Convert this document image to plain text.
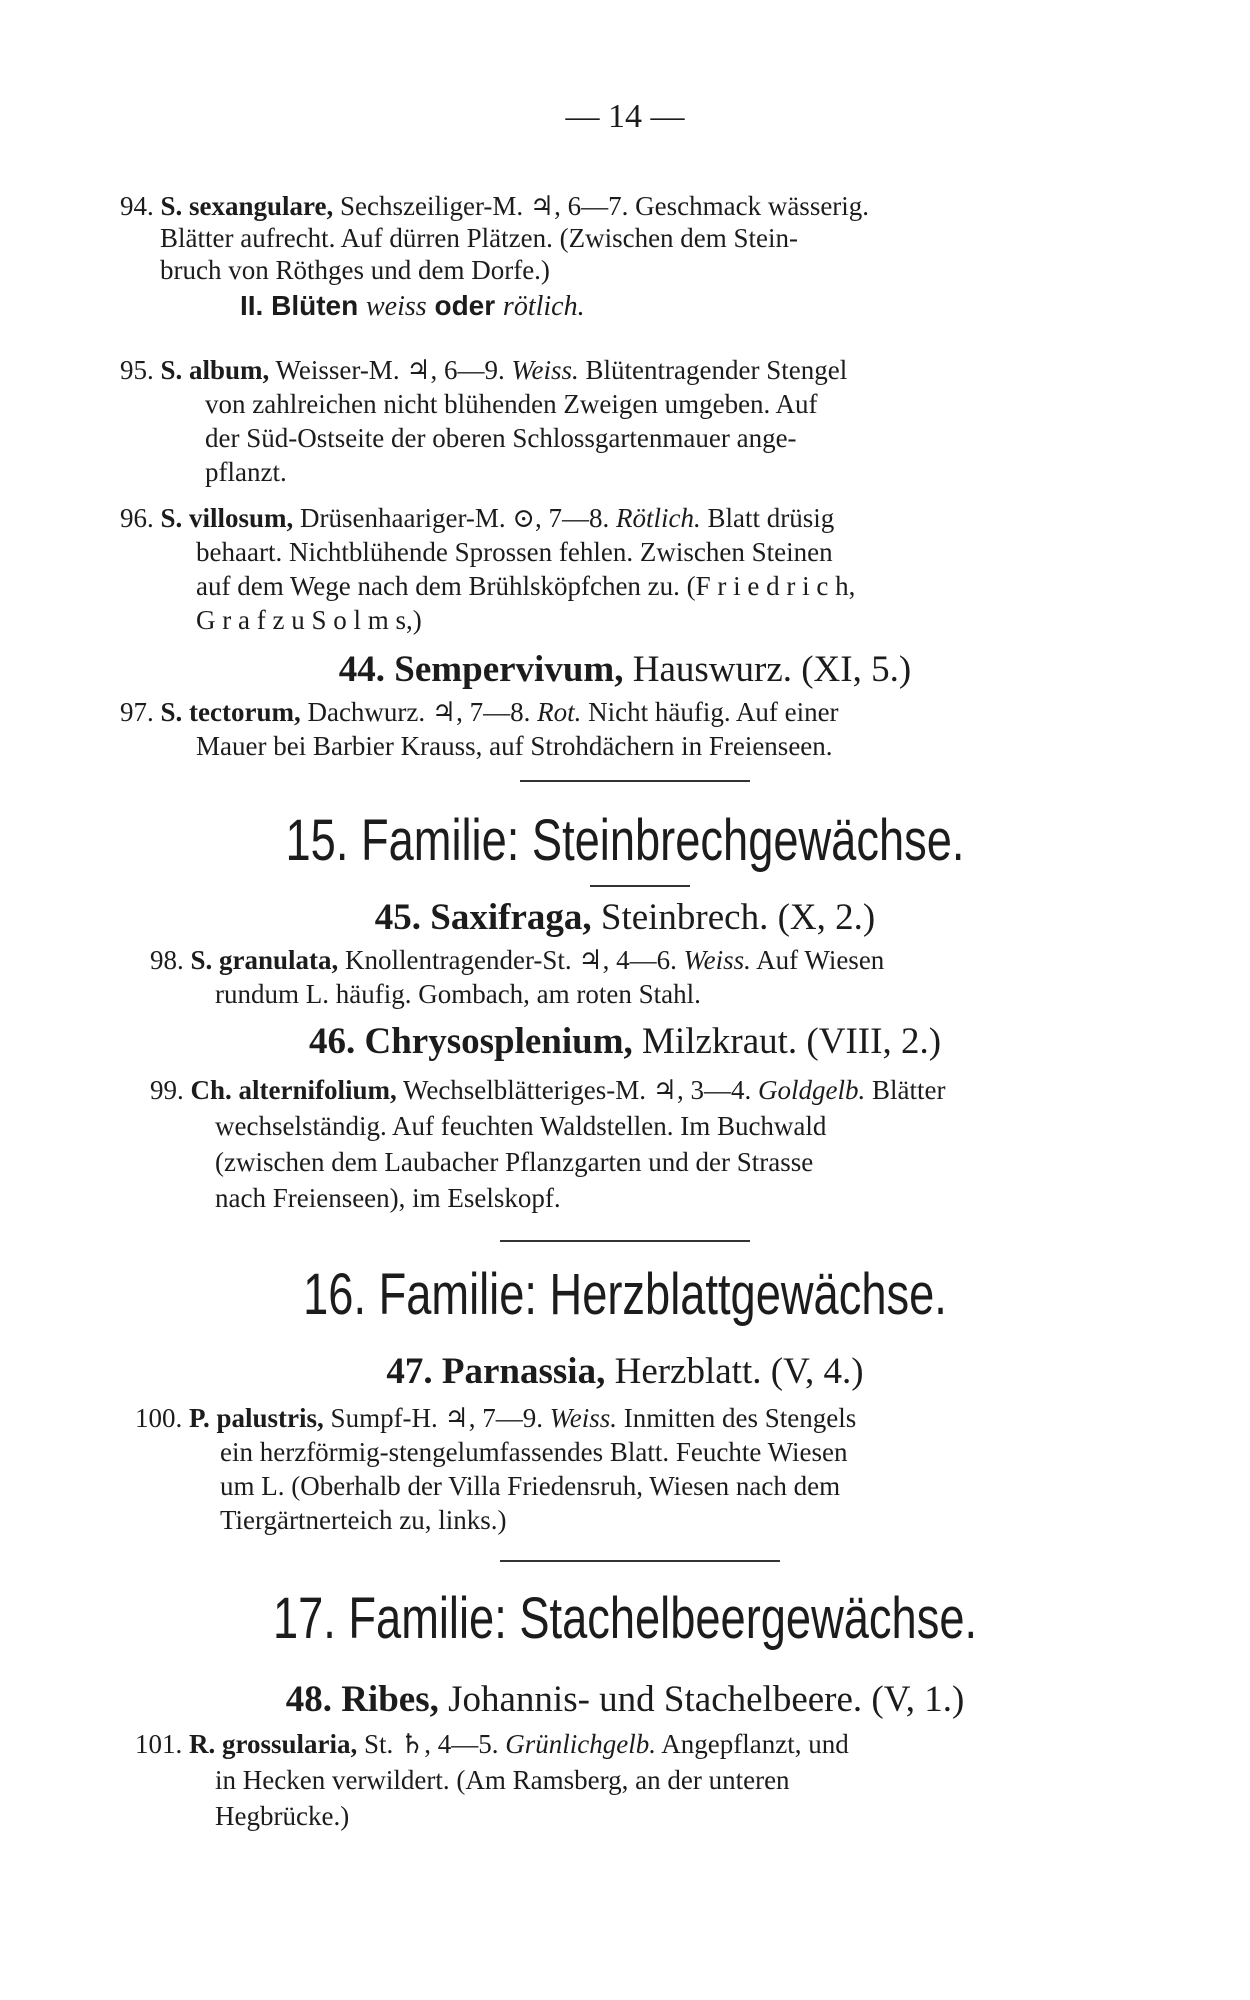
— 14 —
94. S. sexangulare, Sechszeiliger-M. ♃, 6—7. Geschmack wässerig.
Blätter aufrecht. Auf dürren Plätzen. (Zwischen dem Stein-
bruch von Röthges und dem Dorfe.)
II. Blüten weiss oder rötlich.
95. S. album, Weisser-M. ♃, 6—9. Weiss. Blütentragender Stengel
von zahlreichen nicht blühenden Zweigen umgeben. Auf
der Süd-Ostseite der oberen Schlossgartenmauer ange-
pflanzt.
96. S. villosum, Drüsenhaariger-M. ⊙, 7—8. Rötlich. Blatt drüsig
behaart. Nichtblühende Sprossen fehlen. Zwischen Steinen
auf dem Wege nach dem Brühlsköpfchen zu. (F r i e d r i c h,
G r a f z u S o l m s,)
44. Sempervivum, Hauswurz. (XI, 5.)
97. S. tectorum, Dachwurz. ♃, 7—8. Rot. Nicht häufig. Auf einer
Mauer bei Barbier Krauss, auf Strohdächern in Freienseen.
15. Familie: Steinbrechgewächse.
45. Saxifraga, Steinbrech. (X, 2.)
98. S. granulata, Knollentragender-St. ♃, 4—6. Weiss. Auf Wiesen
rundum L. häufig. Gombach, am roten Stahl.
46. Chrysosplenium, Milzkraut. (VIII, 2.)
99. Ch. alternifolium, Wechselblätteriges-M. ♃, 3—4. Goldgelb. Blätter
wechselständig. Auf feuchten Waldstellen. Im Buchwald
(zwischen dem Laubacher Pflanzgarten und der Strasse
nach Freienseen), im Eselskopf.
16. Familie: Herzblattgewächse.
47. Parnassia, Herzblatt. (V, 4.)
100. P. palustris, Sumpf-H. ♃, 7—9. Weiss. Inmitten des Stengels
ein herzförmig-stengelumfassendes Blatt. Feuchte Wiesen
um L. (Oberhalb der Villa Friedensruh, Wiesen nach dem
Tiergärtnerteich zu, links.)
17. Familie: Stachelbeergewächse.
48. Ribes, Johannis- und Stachelbeere. (V, 1.)
101. R. grossularia, St. ♄, 4—5. Grünlichgelb. Angepflanzt, und
in Hecken verwildert. (Am Ramsberg, an der unteren
Hegbrücke.)
